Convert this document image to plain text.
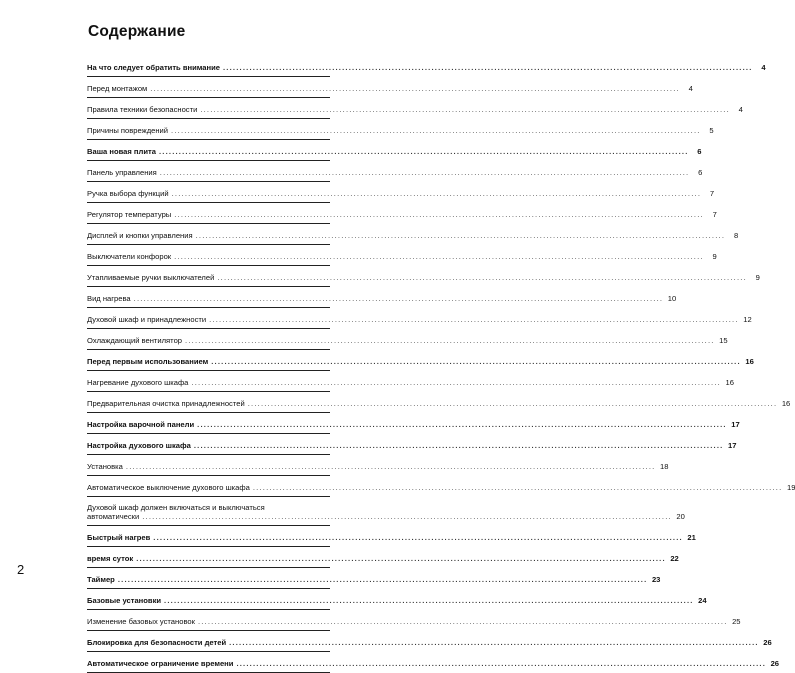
Содержание
На что следует обратить внимание .....	4
Перед монтажом .....	4
Правила техники безопасности .....	4
Причины повреждений .....	5
Ваша новая плита .....	6
Панель управления .....	6
Ручка выбора функций .....	7
Регулятор температуры .....	7
Дисплей и кнопки управления .....	8
Выключатели конфорок .....	9
Утапливаемые ручки выключателей .....	9
Вид нагрева .....	10
Духовой шкаф и принадлежности .....	12
Охлаждающий вентилятор .....	15
Перед первым использованием .....	16
Нагревание духового шкафа .....	16
Предварительная очистка принадлежностей .....	16
Настройка варочной панели .....	17
Настройка духового шкафа .....	17
Установка .....	18
Автоматическое выключение духового шкафа .....	19
Духовой шкаф должен включаться и выключаться
автоматически .....	20
Быстрый нагрев .....	21
время суток .....	22
Таймер .....	23
Базовые установки .....	24
Изменение базовых установок .....	25
Блокировка для безопасности детей .....	26
Автоматическое ограничение времени .....	26
2
